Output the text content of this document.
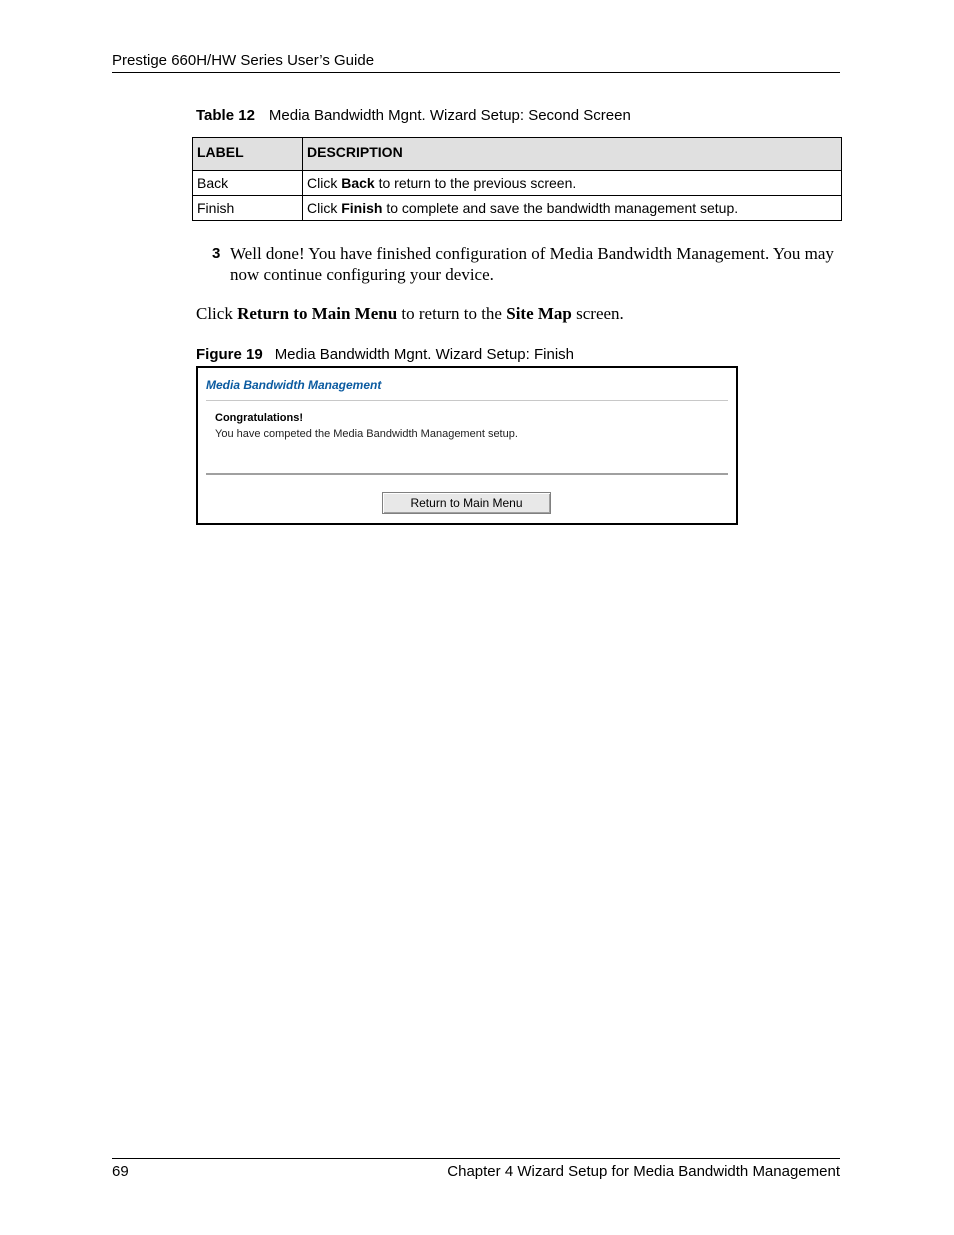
Prestige 660H/HW Series User’s Guide
Table 12 Media Bandwidth Mgnt. Wizard Setup: Second Screen
LABEL	DESCRIPTION
Back	Click Back to return to the previous screen.
Finish	Click Finish to complete and save the bandwidth management setup.
3 Well done! You have finished configuration of Media Bandwidth Management. You may now continue configuring your device.
Click Return to Main Menu to return to the Site Map screen.
Figure 19 Media Bandwidth Mgnt. Wizard Setup: Finish
Media Bandwidth Management
Congratulations!
You have competed the Media Bandwidth Management setup.
Return to Main Menu
69	Chapter 4 Wizard Setup for Media Bandwidth Management
